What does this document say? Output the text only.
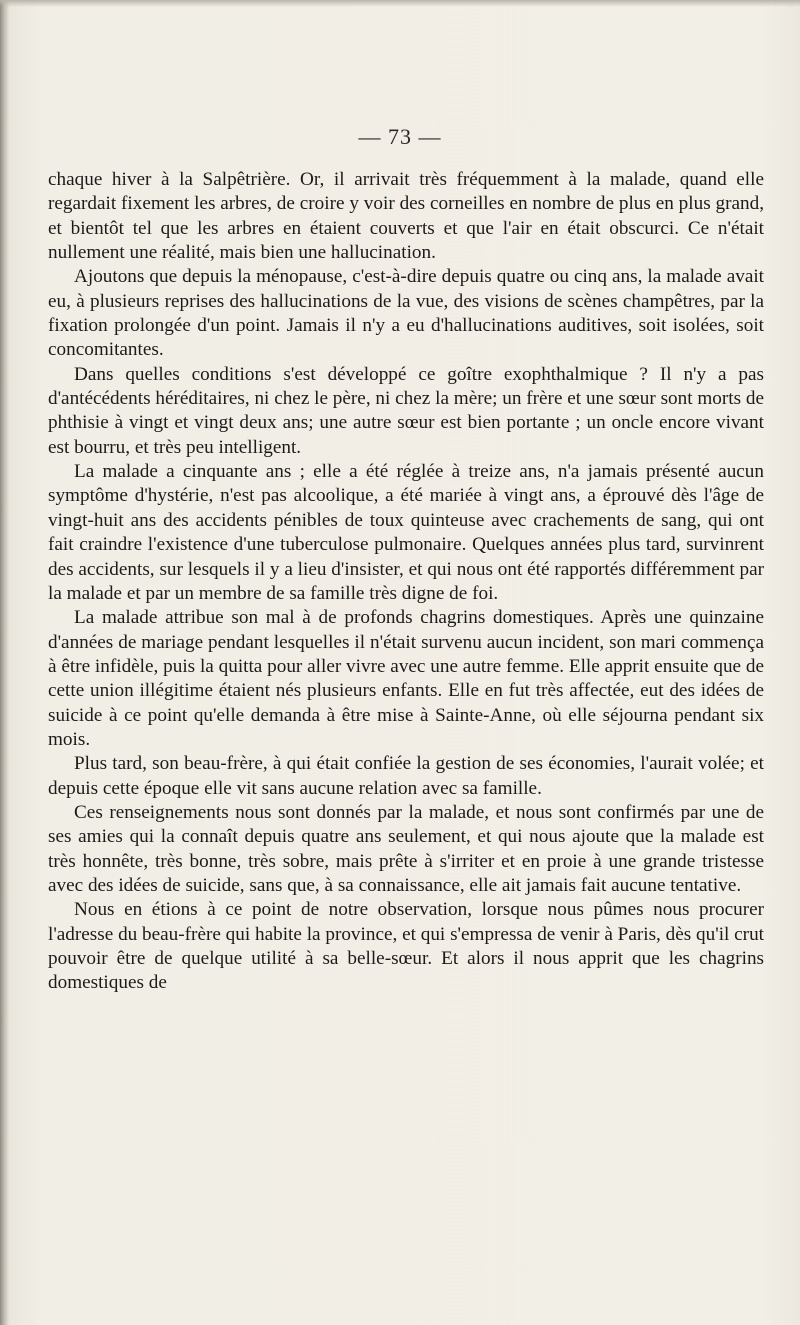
— 73 —

chaque hiver à la Salpêtrière. Or, il arrivait très fréquemment à la malade, quand elle regardait fixement les arbres, de croire y voir des corneilles en nombre de plus en plus grand, et bientôt tel que les arbres en étaient couverts et que l'air en était obscurci. Ce n'était nullement une réalité, mais bien une hallucination.

Ajoutons que depuis la ménopause, c'est-à-dire depuis quatre ou cinq ans, la malade avait eu, à plusieurs reprises des hallucinations de la vue, des visions de scènes champêtres, par la fixation prolongée d'un point. Jamais il n'y a eu d'hallucinations auditives, soit isolées, soit concomitantes.

Dans quelles conditions s'est développé ce goître exophthalmique ? Il n'y a pas d'antécédents héréditaires, ni chez le père, ni chez la mère; un frère et une sœur sont morts de phthisie à vingt et vingt deux ans; une autre sœur est bien portante ; un oncle encore vivant est bourru, et très peu intelligent.

La malade a cinquante ans ; elle a été réglée à treize ans, n'a jamais présenté aucun symptôme d'hystérie, n'est pas alcoolique, a été mariée à vingt ans, a éprouvé dès l'âge de vingt-huit ans des accidents pénibles de toux quinteuse avec crachements de sang, qui ont fait craindre l'existence d'une tuberculose pulmonaire. Quelques années plus tard, survinrent des accidents, sur lesquels il y a lieu d'insister, et qui nous ont été rapportés différemment par la malade et par un membre de sa famille très digne de foi.

La malade attribue son mal à de profonds chagrins domestiques. Après une quinzaine d'années de mariage pendant lesquelles il n'était survenu aucun incident, son mari commença à être infidèle, puis la quitta pour aller vivre avec une autre femme. Elle apprit ensuite que de cette union illégitime étaient nés plusieurs enfants. Elle en fut très affectée, eut des idées de suicide à ce point qu'elle demanda à être mise à Sainte-Anne, où elle séjourna pendant six mois.

Plus tard, son beau-frère, à qui était confiée la gestion de ses économies, l'aurait volée; et depuis cette époque elle vit sans aucune relation avec sa famille.

Ces renseignements nous sont donnés par la malade, et nous sont confirmés par une de ses amies qui la connaît depuis quatre ans seulement, et qui nous ajoute que la malade est très honnête, très bonne, très sobre, mais prête à s'irriter et en proie à une grande tristesse avec des idées de suicide, sans que, à sa connaissance, elle ait jamais fait aucune tentative.

Nous en étions à ce point de notre observation, lorsque nous pûmes nous procurer l'adresse du beau-frère qui habite la province, et qui s'empressa de venir à Paris, dès qu'il crut pouvoir être de quelque utilité à sa belle-sœur. Et alors il nous apprit que les chagrins domestiques de
